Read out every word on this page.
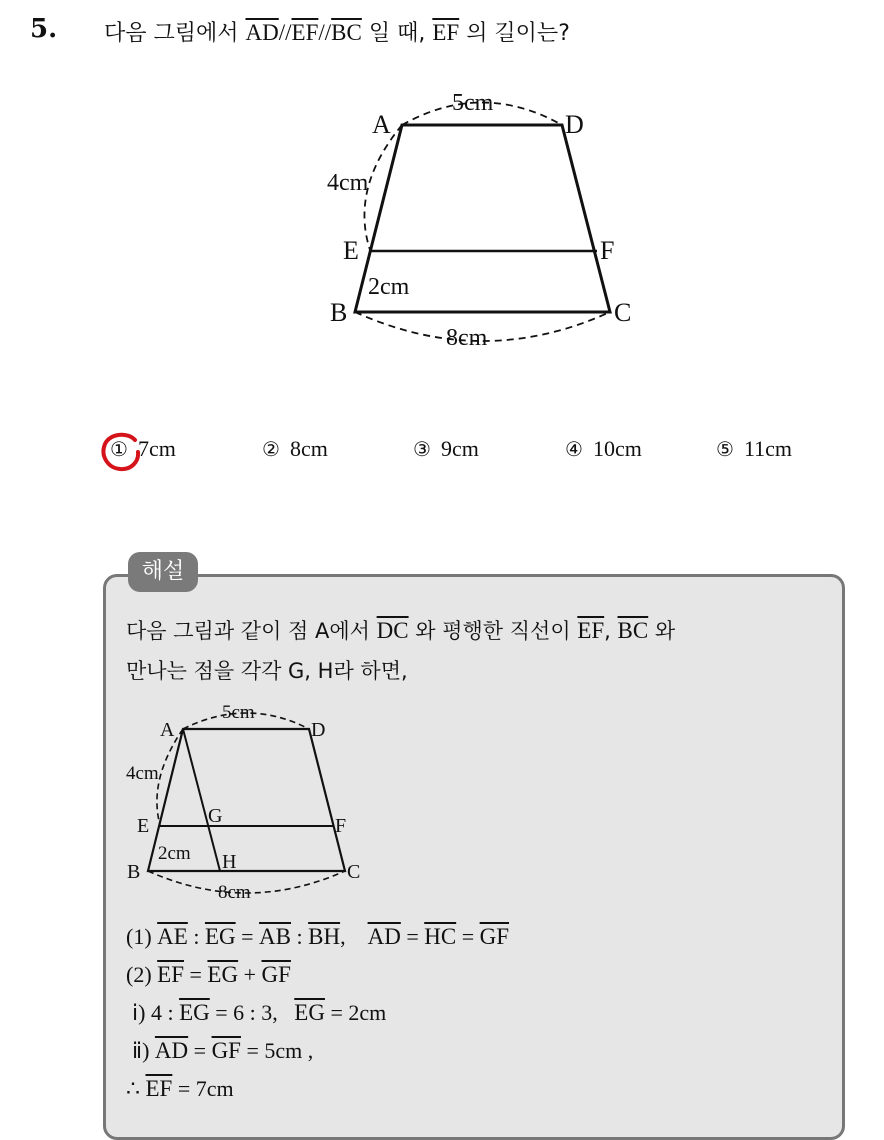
5. 다음 그림에서 $\overline{AD}//\overline{EF}//\overline{BC}$ 일 때, $\overline{EF}$ 의 길이는?
A	D
E	F
B	C
5cm
4cm
2cm
8cm
① 7cm	② 8cm	③ 9cm	④ 10cm	⑤ 11cm
해설
다음 그림과 같이 점 A에서 $\overline{DC}$ 와 평행한 직선이 $\overline{EF}$, $\overline{BC}$ 와
만나는 점을 각각 G, H라 하면,
A	D
E	G	F
B	H	C
5cm
4cm
2cm
8cm
(1) $\overline{AE}$ : $\overline{EG} = \overline{AB}$ : $\overline{BH}$, $\overline{AD} = \overline{HC} = \overline{GF}$
(2) $\overline{EF} = \overline{EG} + \overline{GF}$
ⅰ) 4 : $\overline{EG} = 6$ : 3, $\overline{EG} = 2cm$
ⅱ) $\overline{AD} = \overline{GF} = 5cm$ ,
∴ $\overline{EF} = 7cm$
